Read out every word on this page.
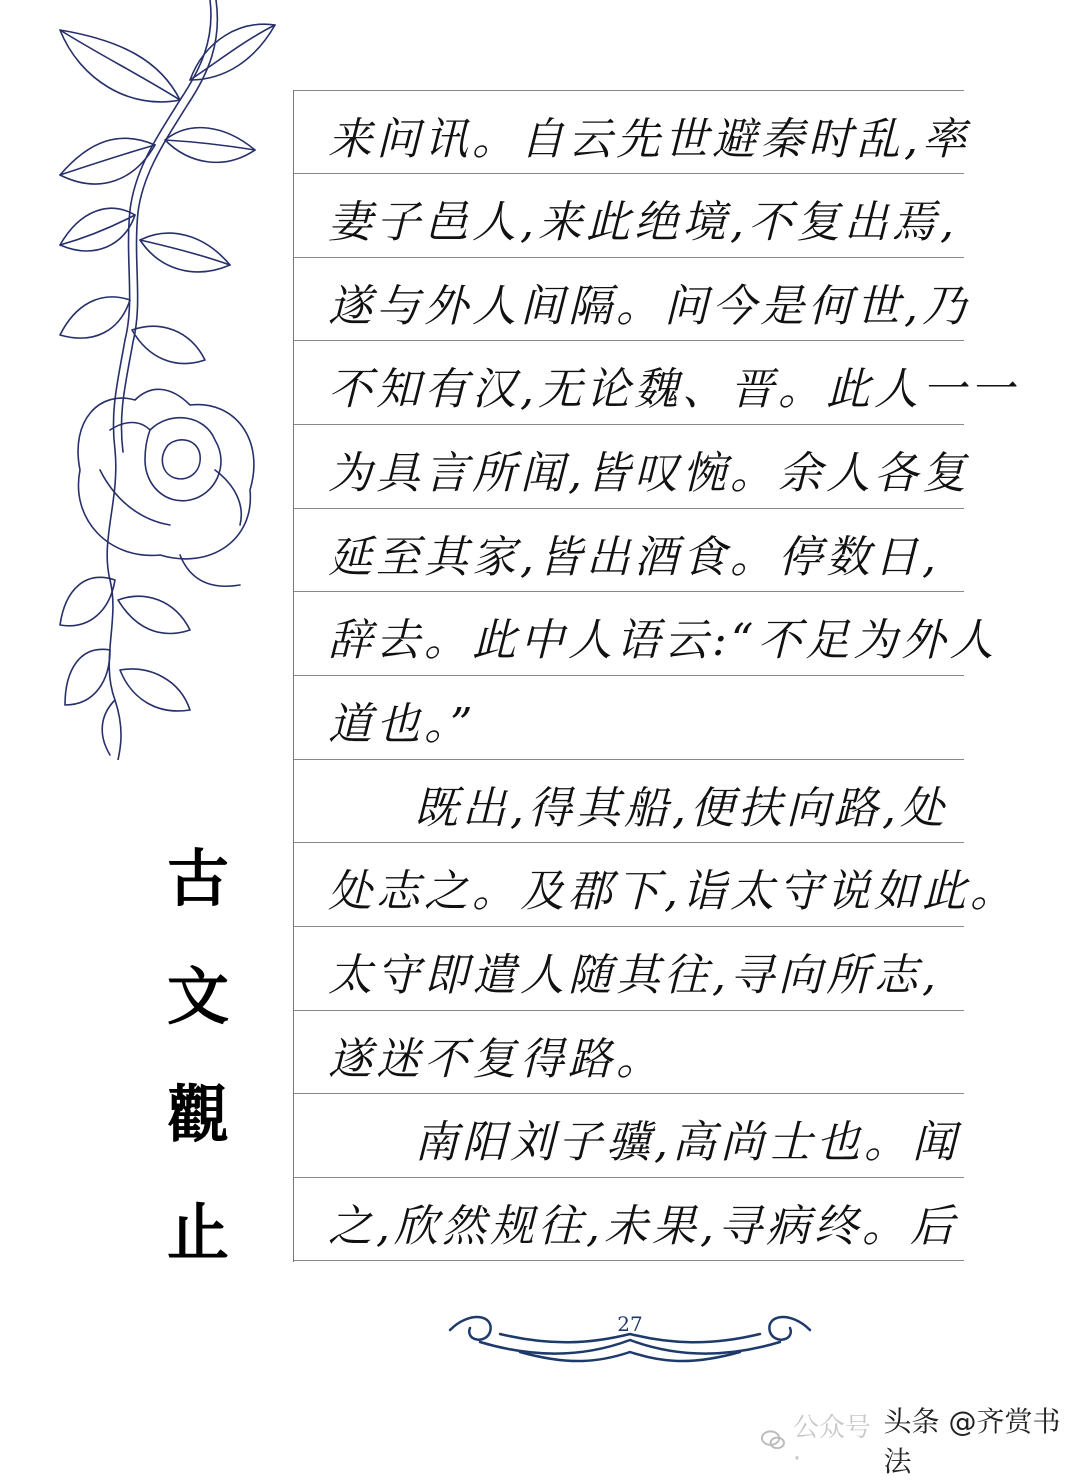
古
文
觀
止
来问讯。自云先世避秦时乱,率
妻子邑人,来此绝境,不复出焉,
遂与外人间隔。问今是何世,乃
不知有汉,无论魏、晋。此人一一
为具言所闻,皆叹惋。余人各复
延至其家,皆出酒食。停数日,
辞去。此中人语云:“不足为外人
道也。”
既出,得其船,便扶向路,处
处志之。及郡下,诣太守说如此。
太守即遣人随其往,寻向所志,
遂迷不复得路。
南阳刘子骥,高尚士也。闻
之,欣然规往,未果,寻病终。后
27
公众号·
头条 @齐赏书法
